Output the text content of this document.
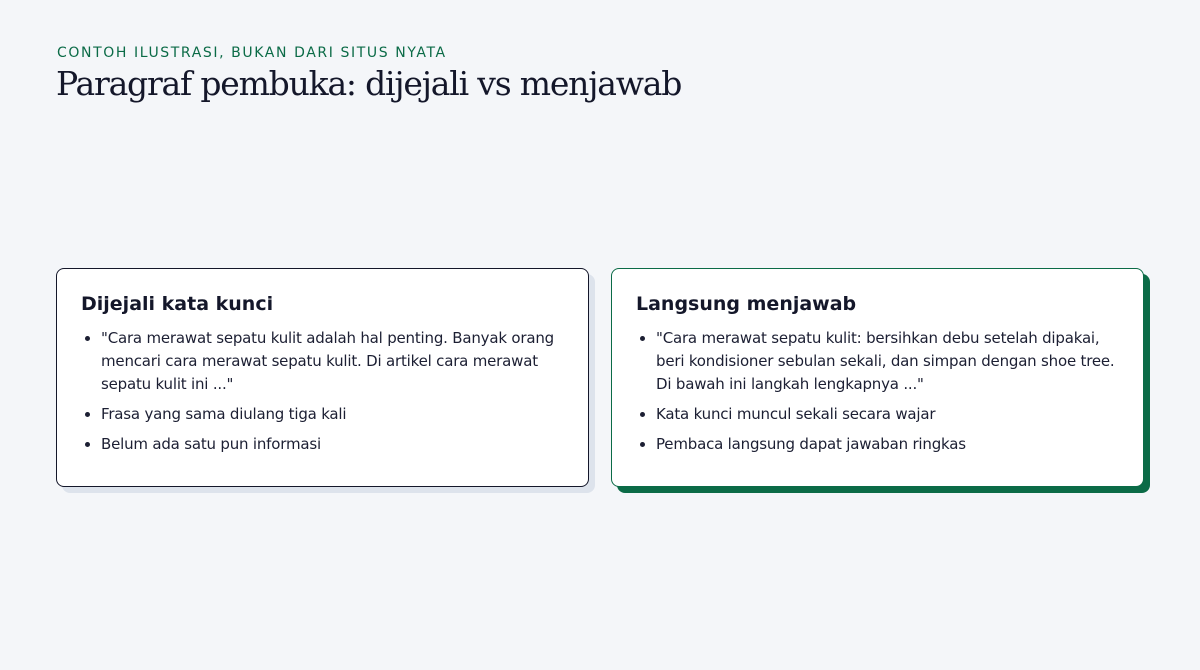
CONTOH ILUSTRASI, BUKAN DARI SITUS NYATA
Paragraf pembuka: dijejali vs menjawab
Dijejali kata kunci
• "Cara merawat sepatu kulit adalah hal penting. Banyak orang mencari cara merawat sepatu kulit. Di artikel cara merawat sepatu kulit ini ..."
• Frasa yang sama diulang tiga kali
• Belum ada satu pun informasi
Langsung menjawab
• "Cara merawat sepatu kulit: bersihkan debu setelah dipakai, beri kondisioner sebulan sekali, dan simpan dengan shoe tree. Di bawah ini langkah lengkapnya ..."
• Kata kunci muncul sekali secara wajar
• Pembaca langsung dapat jawaban ringkas
